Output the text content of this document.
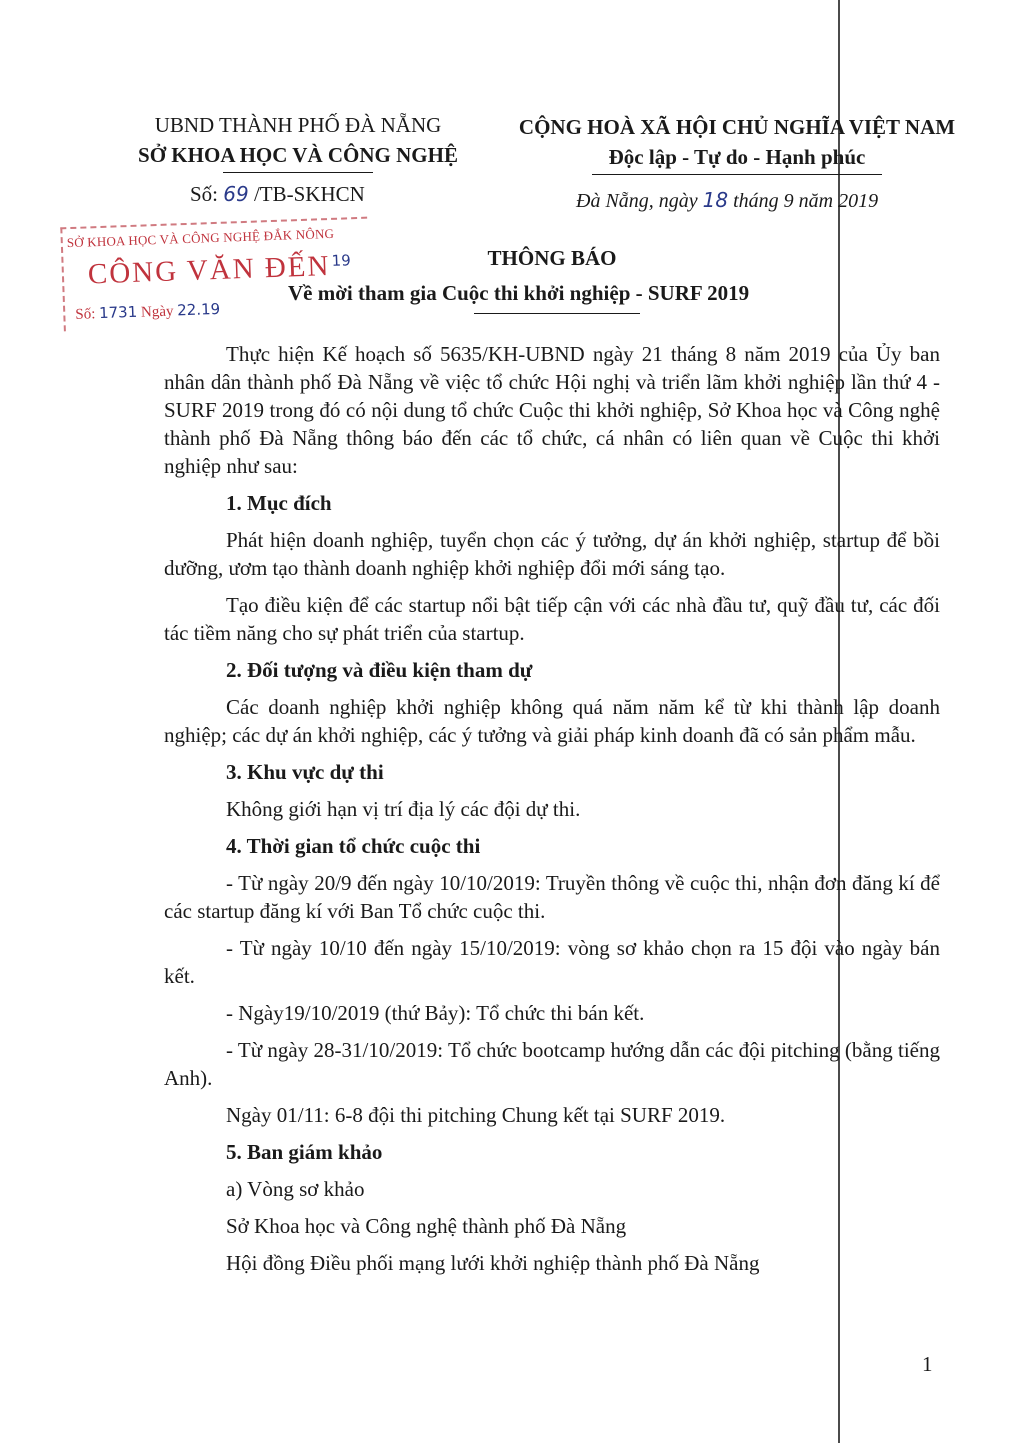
UBND THÀNH PHỐ ĐÀ NẴNG
SỞ KHOA HỌC VÀ CÔNG NGHỆ
Số: 69 /TB-SKHCN
CỘNG HOÀ XÃ HỘI CHỦ NGHĨA VIỆT NAM
Độc lập - Tự do - Hạnh phúc
Đà Nẵng, ngày 18 tháng 9 năm 2019
SỞ KHOA HỌC VÀ CÔNG NGHỆ ĐẮK NÔNG
CÔNG VĂN ĐẾN 19
Số: 1731 Ngày 22.19
THÔNG BÁO
Về mời tham gia Cuộc thi khởi nghiệp - SURF 2019

Thực hiện Kế hoạch số 5635/KH-UBND ngày 21 tháng 8 năm 2019 của Ủy ban nhân dân thành phố Đà Nẵng về việc tổ chức Hội nghị và triển lãm khởi nghiệp lần thứ 4 - SURF 2019 trong đó có nội dung tổ chức Cuộc thi khởi nghiệp, Sở Khoa học và Công nghệ thành phố Đà Nẵng thông báo đến các tổ chức, cá nhân có liên quan về Cuộc thi khởi nghiệp như sau:

1. Mục đích

Phát hiện doanh nghiệp, tuyển chọn các ý tưởng, dự án khởi nghiệp, startup để bồi dưỡng, ươm tạo thành doanh nghiệp khởi nghiệp đổi mới sáng tạo.

Tạo điều kiện để các startup nổi bật tiếp cận với các nhà đầu tư, quỹ đầu tư, các đối tác tiềm năng cho sự phát triển của startup.

2. Đối tượng và điều kiện tham dự

Các doanh nghiệp khởi nghiệp không quá năm năm kể từ khi thành lập doanh nghiệp; các dự án khởi nghiệp, các ý tưởng và giải pháp kinh doanh đã có sản phẩm mẫu.

3. Khu vực dự thi

Không giới hạn vị trí địa lý các đội dự thi.

4. Thời gian tổ chức cuộc thi

- Từ ngày 20/9 đến ngày 10/10/2019: Truyền thông về cuộc thi, nhận đơn đăng kí để các startup đăng kí với Ban Tổ chức cuộc thi.

- Từ ngày 10/10 đến ngày 15/10/2019: vòng sơ khảo chọn ra 15 đội vào ngày bán kết.

- Ngày19/10/2019 (thứ Bảy): Tổ chức thi bán kết.

- Từ ngày 28-31/10/2019: Tổ chức bootcamp hướng dẫn các đội pitching (bằng tiếng Anh).

Ngày 01/11: 6-8 đội thi pitching Chung kết tại SURF 2019.

5. Ban giám khảo
a) Vòng sơ khảo
Sở Khoa học và Công nghệ thành phố Đà Nẵng
Hội đồng Điều phối mạng lưới khởi nghiệp thành phố Đà Nẵng
1
